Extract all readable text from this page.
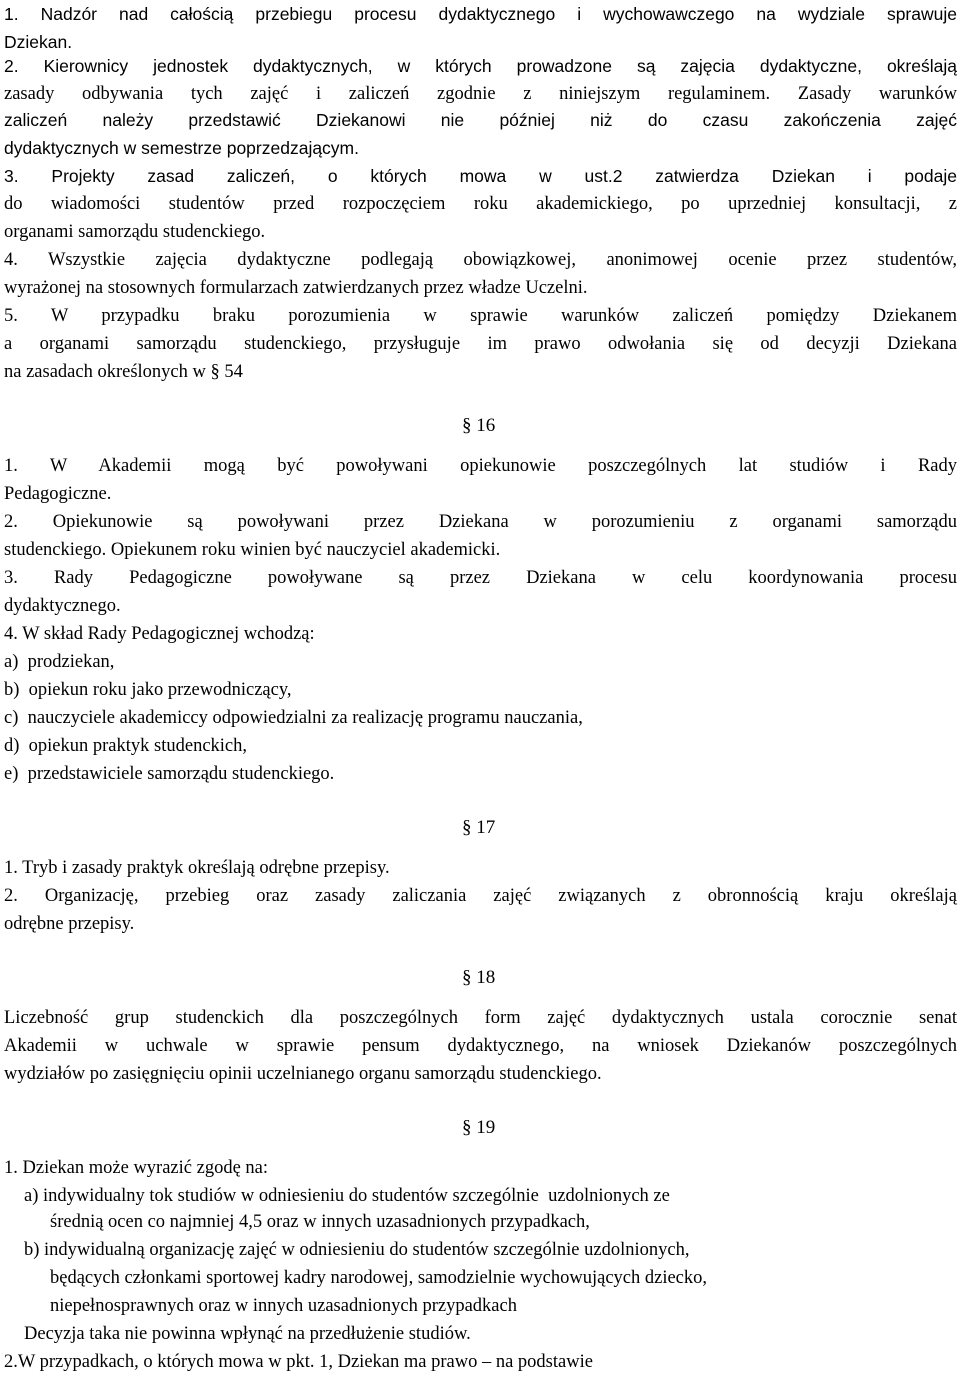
1. Nadzór nad całością przebiegu procesu dydaktycznego i wychowawczego na wydziale sprawuje

Dziekan.

2. Kierownicy jednostek dydaktycznych, w których prowadzone są zajęcia dydaktyczne, określają

zasady odbywania tych zajęć i zaliczeń zgodnie z niniejszym regulaminem. Zasady warunków

zaliczeń należy przedstawić Dziekanowi nie później niż do czasu zakończenia zajęć

dydaktycznych w semestrze poprzedzającym.

3. Projekty zasad zaliczeń, o których mowa w ust.2 zatwierdza Dziekan i podaje

do wiadomości studentów przed rozpoczęciem roku akademickiego, po uprzedniej konsultacji, z

organami samorządu studenckiego.

4. Wszystkie zajęcia dydaktyczne podlegają obowiązkowej, anonimowej ocenie przez studentów,

wyrażonej na stosownych formularzach zatwierdzanych przez władze Uczelni.

5. W przypadku braku porozumienia w sprawie warunków zaliczeń pomiędzy Dziekanem

a organami samorządu studenckiego, przysługuje im prawo odwołania się od decyzji Dziekana

na zasadach określonych w § 54

§ 16

1. W Akademii mogą być powoływani opiekunowie poszczególnych lat studiów i Rady

Pedagogiczne.

2. Opiekunowie są powoływani przez Dziekana w porozumieniu z organami samorządu

studenckiego. Opiekunem roku winien być nauczyciel akademicki.

3. Rady Pedagogiczne powoływane są przez Dziekana w celu koordynowania procesu

dydaktycznego.

4. W skład Rady Pedagogicznej wchodzą:

a)  prodziekan,
b)  opiekun roku jako przewodniczący,
c)  nauczyciele akademiccy odpowiedzialni za realizację programu nauczania,
d)  opiekun praktyk studenckich,
e)  przedstawiciele samorządu studenckiego.
§ 17

1. Tryb i zasady praktyk określają odrębne przepisy.

2. Organizację, przebieg oraz zasady zaliczania zajęć związanych z obronnością kraju określają

odrębne przepisy.

§ 18

Liczebność grup studenckich dla poszczególnych form zajęć dydaktycznych ustala corocznie senat

Akademii w uchwale w sprawie pensum dydaktycznego, na wniosek Dziekanów poszczególnych

wydziałów po zasięgnięciu opinii uczelnianego organu samorządu studenckiego.

§ 19

1. Dziekan może wyrazić zgodę na:

a) indywidualny tok studiów w odniesieniu do studentów szczególnie  uzdolnionych ze
średnią ocen co najmniej 4,5 oraz w innych uzasadnionych przypadkach,
b) indywidualną organizację zajęć w odniesieniu do studentów szczególnie uzdolnionych,
będących członkami sportowej kadry narodowej, samodzielnie wychowujących dziecko,
niepełnosprawnych oraz w innych uzasadnionych przypadkach
Decyzja taka nie powinna wpłynąć na przedłużenie studiów.

2.W przypadkach, o których mowa w pkt. 1, Dziekan ma prawo – na podstawie
